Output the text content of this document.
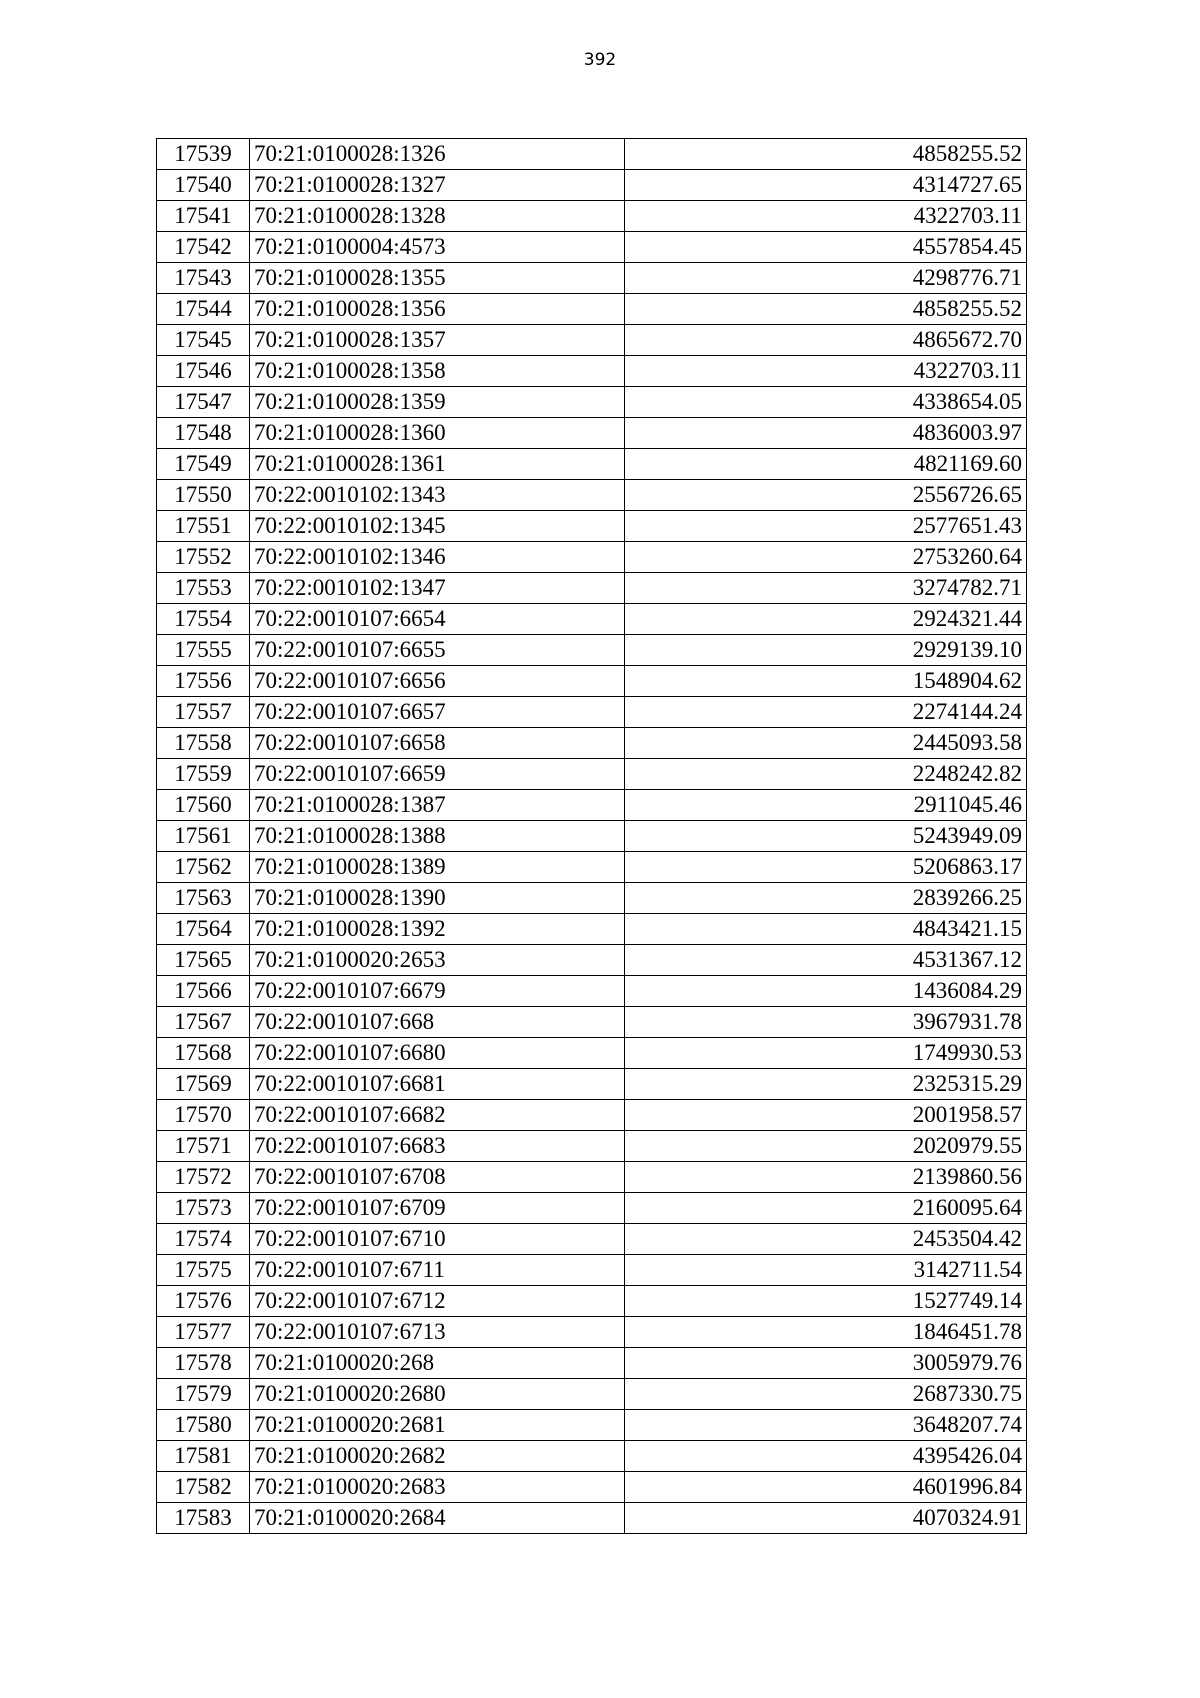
392
17539	70:21:0100028:1326	4858255.52
17540	70:21:0100028:1327	4314727.65
17541	70:21:0100028:1328	4322703.11
17542	70:21:0100004:4573	4557854.45
17543	70:21:0100028:1355	4298776.71
17544	70:21:0100028:1356	4858255.52
17545	70:21:0100028:1357	4865672.70
17546	70:21:0100028:1358	4322703.11
17547	70:21:0100028:1359	4338654.05
17548	70:21:0100028:1360	4836003.97
17549	70:21:0100028:1361	4821169.60
17550	70:22:0010102:1343	2556726.65
17551	70:22:0010102:1345	2577651.43
17552	70:22:0010102:1346	2753260.64
17553	70:22:0010102:1347	3274782.71
17554	70:22:0010107:6654	2924321.44
17555	70:22:0010107:6655	2929139.10
17556	70:22:0010107:6656	1548904.62
17557	70:22:0010107:6657	2274144.24
17558	70:22:0010107:6658	2445093.58
17559	70:22:0010107:6659	2248242.82
17560	70:21:0100028:1387	2911045.46
17561	70:21:0100028:1388	5243949.09
17562	70:21:0100028:1389	5206863.17
17563	70:21:0100028:1390	2839266.25
17564	70:21:0100028:1392	4843421.15
17565	70:21:0100020:2653	4531367.12
17566	70:22:0010107:6679	1436084.29
17567	70:22:0010107:668	3967931.78
17568	70:22:0010107:6680	1749930.53
17569	70:22:0010107:6681	2325315.29
17570	70:22:0010107:6682	2001958.57
17571	70:22:0010107:6683	2020979.55
17572	70:22:0010107:6708	2139860.56
17573	70:22:0010107:6709	2160095.64
17574	70:22:0010107:6710	2453504.42
17575	70:22:0010107:6711	3142711.54
17576	70:22:0010107:6712	1527749.14
17577	70:22:0010107:6713	1846451.78
17578	70:21:0100020:268	3005979.76
17579	70:21:0100020:2680	2687330.75
17580	70:21:0100020:2681	3648207.74
17581	70:21:0100020:2682	4395426.04
17582	70:21:0100020:2683	4601996.84
17583	70:21:0100020:2684	4070324.91
